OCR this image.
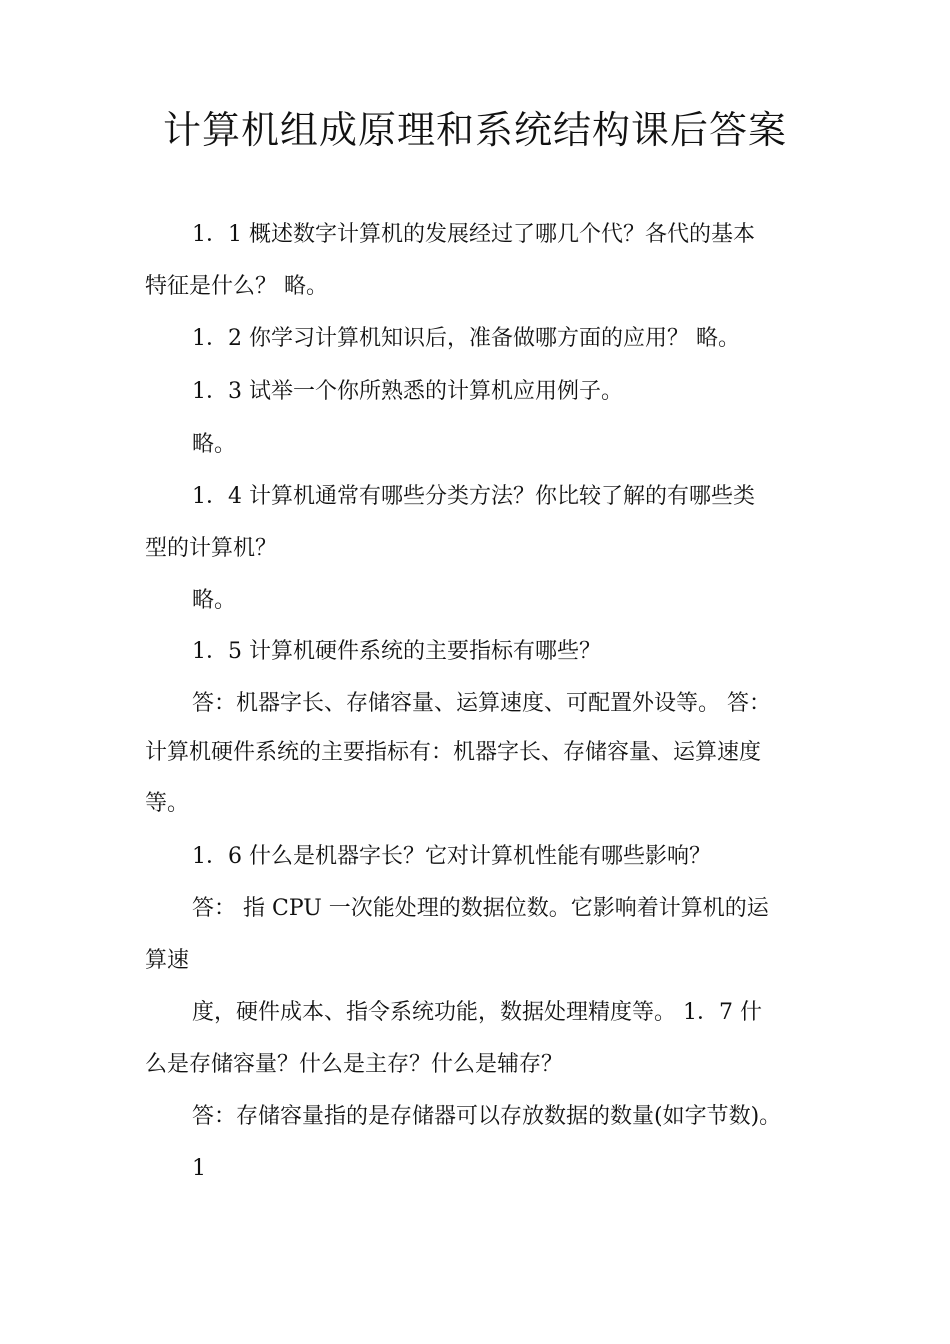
计算机组成原理和系统结构课后答案

1．1 概述数字计算机的发展经过了哪几个代？各代的基本

特征是什么？ 略。

1．2 你学习计算机知识后，准备做哪方面的应用？ 略。

1．3 试举一个你所熟悉的计算机应用例子。

略。

1．4 计算机通常有哪些分类方法？你比较了解的有哪些类

型的计算机？

略。

1．5 计算机硬件系统的主要指标有哪些？

答：机器字长、存储容量、运算速度、可配置外设等。 答：

计算机硬件系统的主要指标有：机器字长、存储容量、运算速度

等。

1．6 什么是机器字长？它对计算机性能有哪些影响？

答： 指 CPU 一次能处理的数据位数。它影响着计算机的运

算速

度，硬件成本、指令系统功能，数据处理精度等。 1．7 什

么是存储容量？什么是主存？什么是辅存？

答：存储容量指的是存储器可以存放数据的数量(如字节数)。

1
